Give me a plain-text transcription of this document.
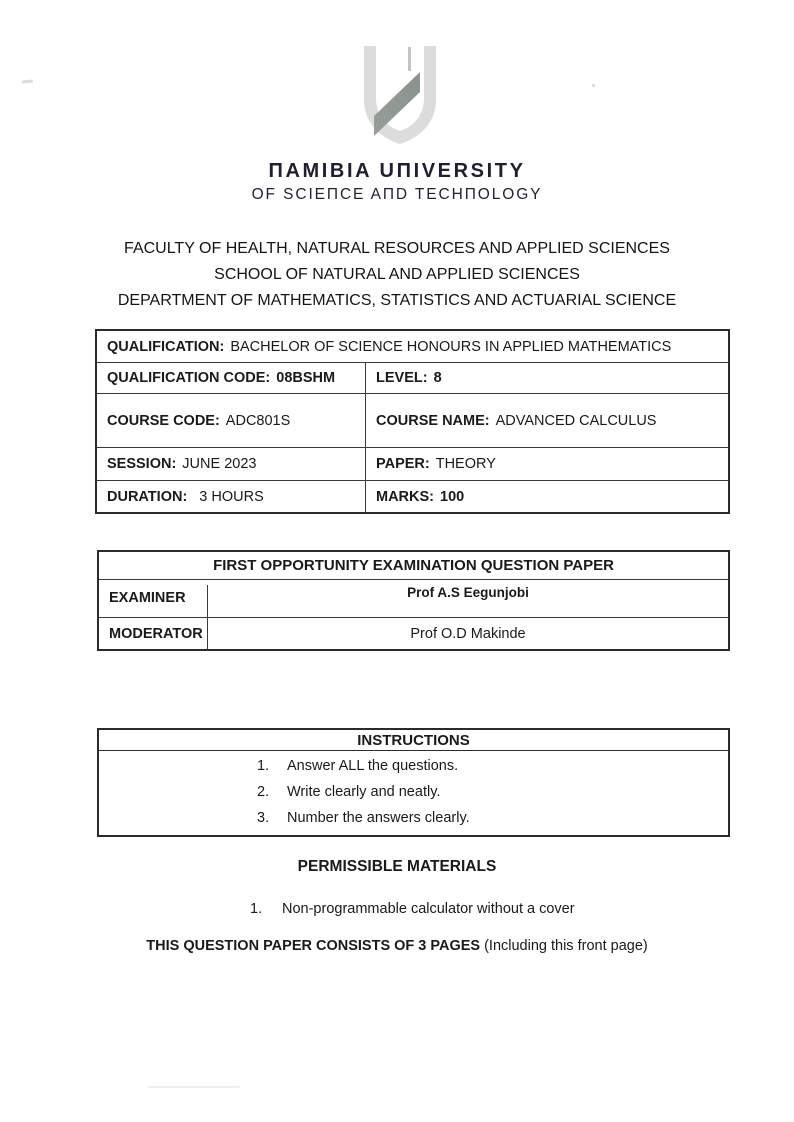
ПAMIBIA UПIVERSITY
OF SCIEПCE AПD TECHПOLOGY
FACULTY OF HEALTH, NATURAL RESOURCES AND APPLIED SCIENCES
SCHOOL OF NATURAL AND APPLIED SCIENCES
DEPARTMENT OF MATHEMATICS, STATISTICS AND ACTUARIAL SCIENCE
QUALIFICATION: BACHELOR OF SCIENCE HONOURS IN APPLIED MATHEMATICS
QUALIFICATION CODE: 08BSHM	LEVEL: 8
COURSE CODE: ADC801S	COURSE NAME: ADVANCED CALCULUS
SESSION: JUNE 2023	PAPER: THEORY
DURATION: 3 HOURS	MARKS: 100
FIRST OPPORTUNITY EXAMINATION QUESTION PAPER
EXAMINER	Prof A.S Eegunjobi
MODERATOR	Prof O.D Makinde
INSTRUCTIONS
1.	Answer ALL the questions.
2.	Write clearly and neatly.
3.	Number the answers clearly.
PERMISSIBLE MATERIALS
1.	Non-programmable calculator without a cover
THIS QUESTION PAPER CONSISTS OF 3 PAGES (Including this front page)
